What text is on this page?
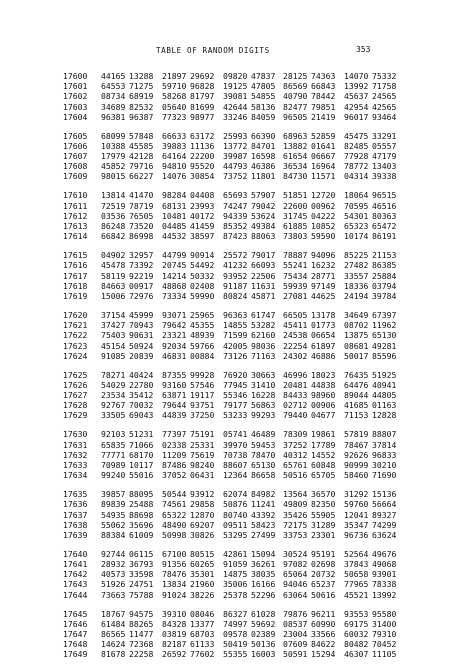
TABLE OF RANDOM DIGITS	353
17600	44165 13288	21897 29692	09820 47837 28125 74363	14070 75332
17601	64553 71275	59710 96828	19125 47805 86569 66843	13992 71758
17602	08734 68919	58268 81797	39081 54855 40790 78442	45637 24565
17603	34689 82532	05640 81699	42644 58136 82477 79851	42954 42565
17604	96381 96387	77323 98977	33246 84059 96505 21419	96017 93464
17605	68099 57848	66633 63172	25993 66390 68963 52859	45475 33291
17606	10388 45585	39883 11136	13772 84701 13882 01641	82485 05557
17607	17979 42128	64164 22200	39987 16598 61654 06667	77928 47179
17608	45852 79716	94810 95520	44793 46386 36534 16964	78772 13403
17609	98015 66227	14076 30854	73752 11801 84730 11571	04314 39338
17610	13814 41470	98284 04408	65693 57907 51851 12720	18064 96515
17611	72519 78719	68131 23993	74247 79042 22600 00962	70595 46516
17612	03536 76505	10481 40172	94339 53624 31745 04222	54301 80363
17613	86248 73520	04485 41459	85352 49384 61885 10852	65323 65472
17614	66842 86998	44532 38597	87423 88063 73803 59590	10174 86191
17615	04902 32957	44799 90914	25572 79017 78887 94096	85225 21153
17616	45478 73392	20745 54492	41232 66093 55241 16232	27482 86385
17617	58119 92219	14214 50332	93952 22506 75434 28771	33557 25884
17618	84663 00917	48868 02408	91187 11631 59939 97149	18336 03794
17619	15006 72976	73334 59990	80824 45871 27081 44625	24194 39784
17620	37154 45999	93071 25965	96363 61747 66505 13178	34649 67397
17621	37427 70943	79642 45355	14855 53282 45411 01773	08702 11962
17622	75403 90631	23321 48939	71599 62160 24538 06654	13875 65130
17623	45154 50924	92034 59766	42005 98036 22254 61897	08681 49281
17624	91085 20839	46831 00884	73126 71163 24302 46886	50017 85596
17625	78271 40424	87355 99928	76920 30663 46996 18023	76435 51925
17626	54029 22780	93160 57546	77945 31410 20481 44838	64476 40941
17627	23534 35412	63871 19117	55346 16228 84433 98960	89044 44805
17628	92767 70032	79644 93751	79177 56863 02712 00906	41685 01163
17629	33505 69043	44839 37250	53233 99293 79440 04677	71153 12828
17630	92103 51231	77397 75191	05741 46489 78309 19861	57819 88807
17631	65835 71066	02338 25331	39970 59453 37252 17789	78467 37814
17632	77771 68170	11209 75619	70738 78470 40312 14552	92626 96833
17633	70989 10117	87486 98240	88607 65130 65761 60848	90999 30210
17634	99240 55016	37052 06431	12364 86658 50516 65705	58460 71690
17635	39857 88095	50544 93912	62074 84982 13564 36570	31292 15136
17636	89839 25488	74561 29858	50876 11241 49809 82350	59760 56664
17637	54935 88698	65322 12870	80740 43392 35426 55905	12041 89327
17638	55062 35696	48490 69207	09511 58423 72175 31289	35347 74299
17639	88384 61009	50998 30826	53295 27499 33753 23301	96736 63624
17640	92744 06115	67100 80515	42861 15094 30524 95191	52564 49676
17641	28932 36793	91356 60265	91059 36261 97082 02698	37843 49068
17642	40573 33598	78476 35301	14875 38035 65064 20732	50658 93901
17643	51926 24751	13834 21960	35006 16166 94046 65237	77965 78338
17644	73663 75788	91024 38226	25378 52296 63064 50616	45521 13992
17645	18767 94575	39310 08046	86327 61028 79876 96211	93553 95580
17646	61484 88265	84328 13377	74997 59692 08537 60990	69175 31400
17647	86565 11477	03819 68703	09578 02389 23004 33566	60032 79310
17648	14624 72368	82187 61133	50419 50136 07609 84622	80482 70452
17649	81678 22258	26592 77602	55355 16003 50591 15294	46307 11105
